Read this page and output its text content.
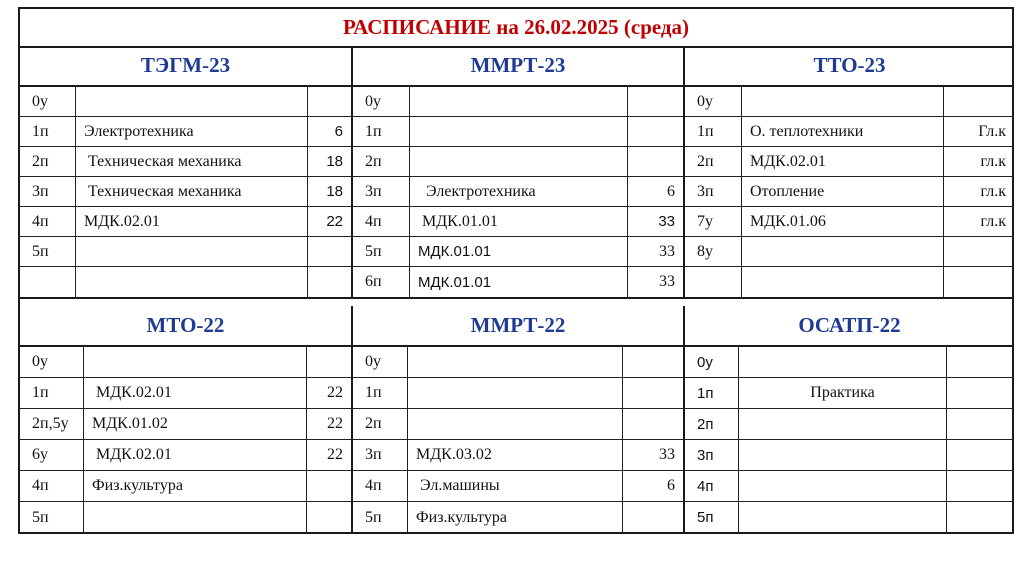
РАСПИСАНИЕ на 26.02.2025 (среда)
ТЭГМ-23
0у
1п	Электротехника	6
2п	Техническая механика	18
3п	Техническая механика	18
4п	МДК.02.01	22
5п
ММРТ-23
0у
1п
2п
3п	Электротехника	6
4п	МДК.01.01	33
5п	МДК.01.01	33
6п	МДК.01.01	33
ТТО-23
0у
1п	О. теплотехники	Гл.к
2п	МДК.02.01	гл.к
3п	Отопление	гл.к
7у	МДК.01.06	гл.к
8у
МТО-22
0у
1п	МДК.02.01	22
2п,5у	МДК.01.02	22
6у	МДК.02.01	22
4п	Физ.культура
5п
ММРТ-22
0у
1п
2п
3п	МДК.03.02	33
4п	Эл.машины	6
5п	Физ.культура
ОСАТП-22
0у
1п	Практика
2п
3п
4п
5п
